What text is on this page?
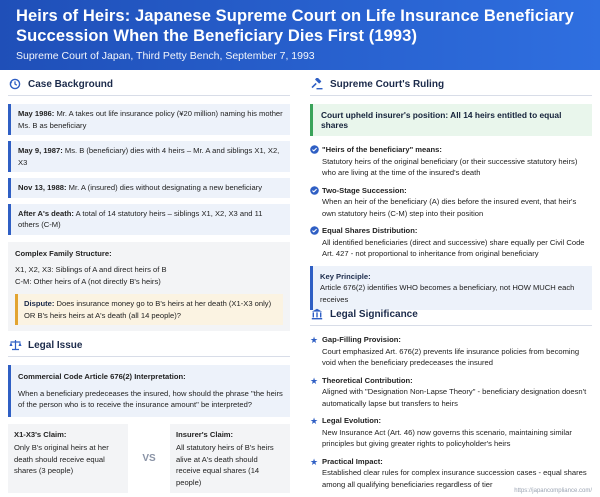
Heirs of Heirs: Japanese Supreme Court on Life Insurance Beneficiary Succession When the Beneficiary Dies First (1993)
Supreme Court of Japan, Third Petty Bench, September 7, 1993
Case Background
May 1986: Mr. A takes out life insurance policy (¥20 million) naming his mother Ms. B as beneficiary
May 9, 1987: Ms. B (beneficiary) dies with 4 heirs – Mr. A and siblings X1, X2, X3
Nov 13, 1988: Mr. A (insured) dies without designating a new beneficiary
After A's death: A total of 14 statutory heirs – siblings X1, X2, X3 and 11 others (C-M)
Complex Family Structure:
X1, X2, X3: Siblings of A and direct heirs of B
C-M: Other heirs of A (not directly B's heirs)
Dispute: Does insurance money go to B's heirs at her death (X1-X3 only) OR B's heirs heirs at A's death (all 14 people)?
Legal Issue
Commercial Code Article 676(2) Interpretation:
When a beneficiary predeceases the insured, how should the phrase "the heirs of the person who is to receive the insurance amount" be interpreted?
X1-X3's Claim:
Only B's original heirs at her death should receive equal shares (3 people)
VS
Insurer's Claim:
All statutory heirs of B's heirs alive at A's death should receive equal shares (14 people)
Supreme Court's Ruling
Court upheld insurer's position: All 14 heirs entitled to equal shares
"Heirs of the beneficiary" means:
Statutory heirs of the original beneficiary (or their successive statutory heirs) who are living at the time of the insured's death
Two-Stage Succession:
When an heir of the beneficiary (A) dies before the insured event, that heir's own statutory heirs (C-M) step into their position
Equal Shares Distribution:
All identified beneficiaries (direct and successive) share equally per Civil Code Art. 427 - not proportional to inheritance from original beneficiary
Key Principle:
Article 676(2) identifies WHO becomes a beneficiary, not HOW MUCH each receives
Legal Significance
★ Gap-Filling Provision:
Court emphasized Art. 676(2) prevents life insurance policies from becoming void when the beneficiary predeceases the insured
★ Theoretical Contribution:
Aligned with "Designation Non-Lapse Theory" - beneficiary designation doesn't automatically lapse but transfers to heirs
★ Legal Evolution:
New Insurance Act (Art. 46) now governs this scenario, maintaining similar principles but giving greater rights to policyholder's heirs
★ Practical Impact:
Established clear rules for complex insurance succession cases - equal shares among all qualifying beneficiaries regardless of tier
https://japancompliance.com/
